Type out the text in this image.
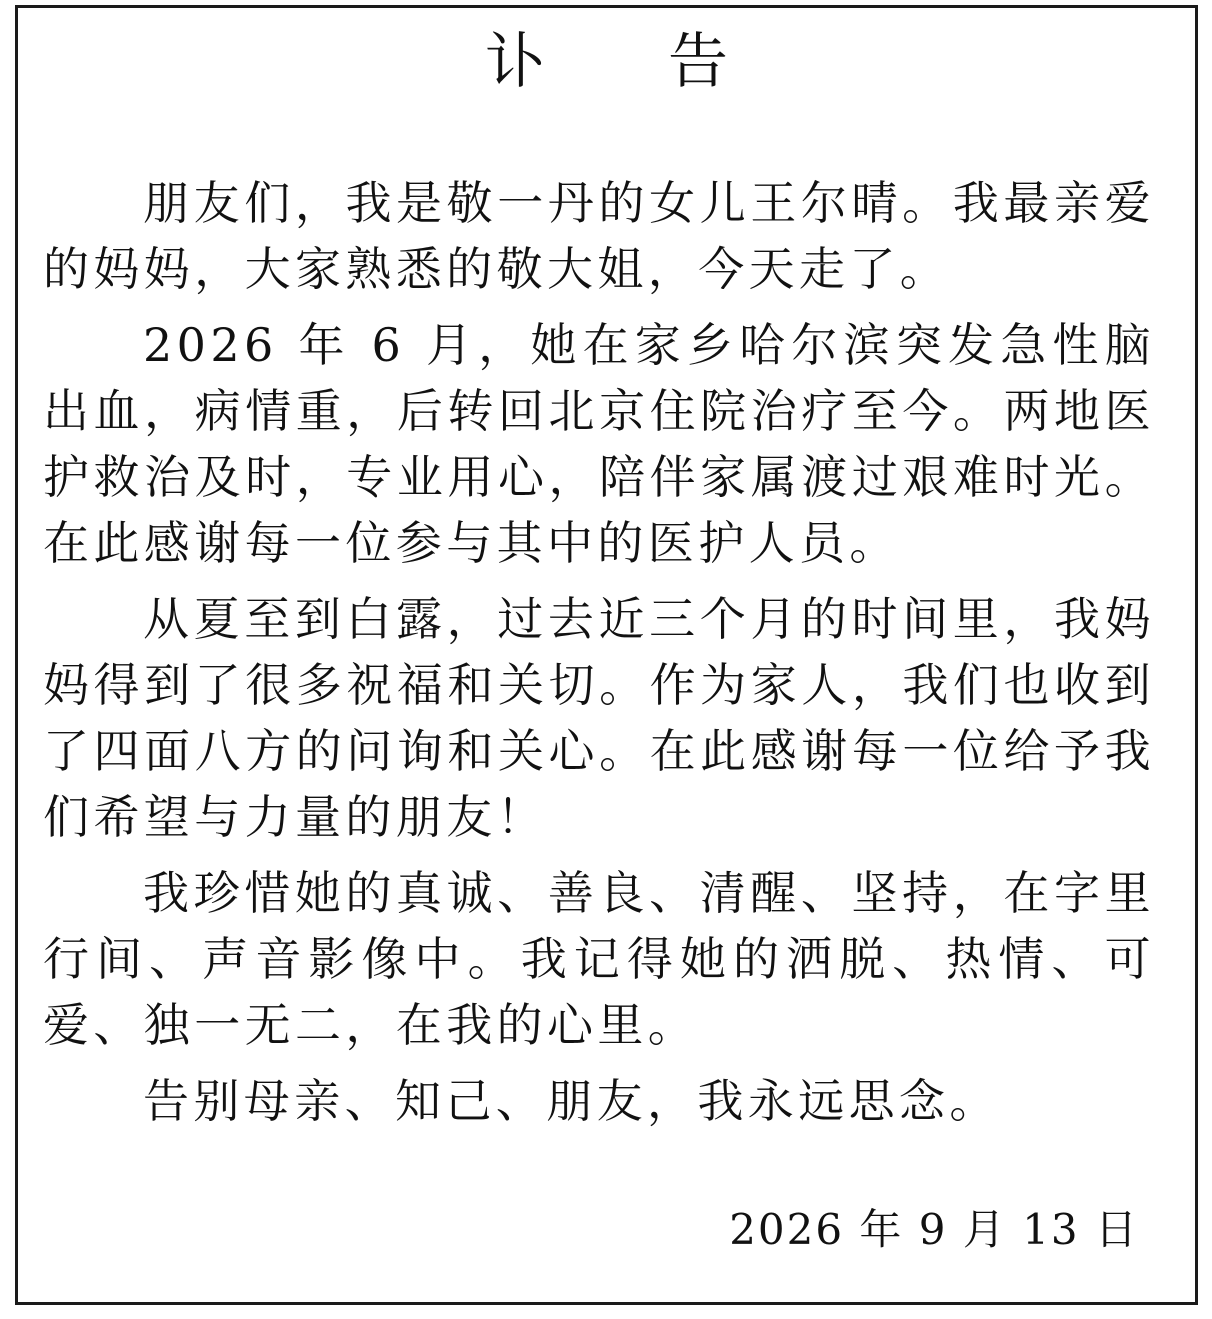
讣 告

朋友们，我是敬一丹的女儿王尔晴。我最亲爱的妈妈，大家熟悉的敬大姐，今天走了。

2026 年 6 月，她在家乡哈尔滨突发急性脑出血，病情重，后转回北京住院治疗至今。两地医护救治及时，专业用心，陪伴家属渡过艰难时光。在此感谢每一位参与其中的医护人员。

从夏至到白露，过去近三个月的时间里，我妈妈得到了很多祝福和关切。作为家人，我们也收到了四面八方的问询和关心。在此感谢每一位给予我们希望与力量的朋友！

我珍惜她的真诚、善良、清醒、坚持，在字里行间、声音影像中。我记得她的洒脱、热情、可爱、独一无二，在我的心里。

告别母亲、知己、朋友，我永远思念。

2026 年 9 月 13 日
